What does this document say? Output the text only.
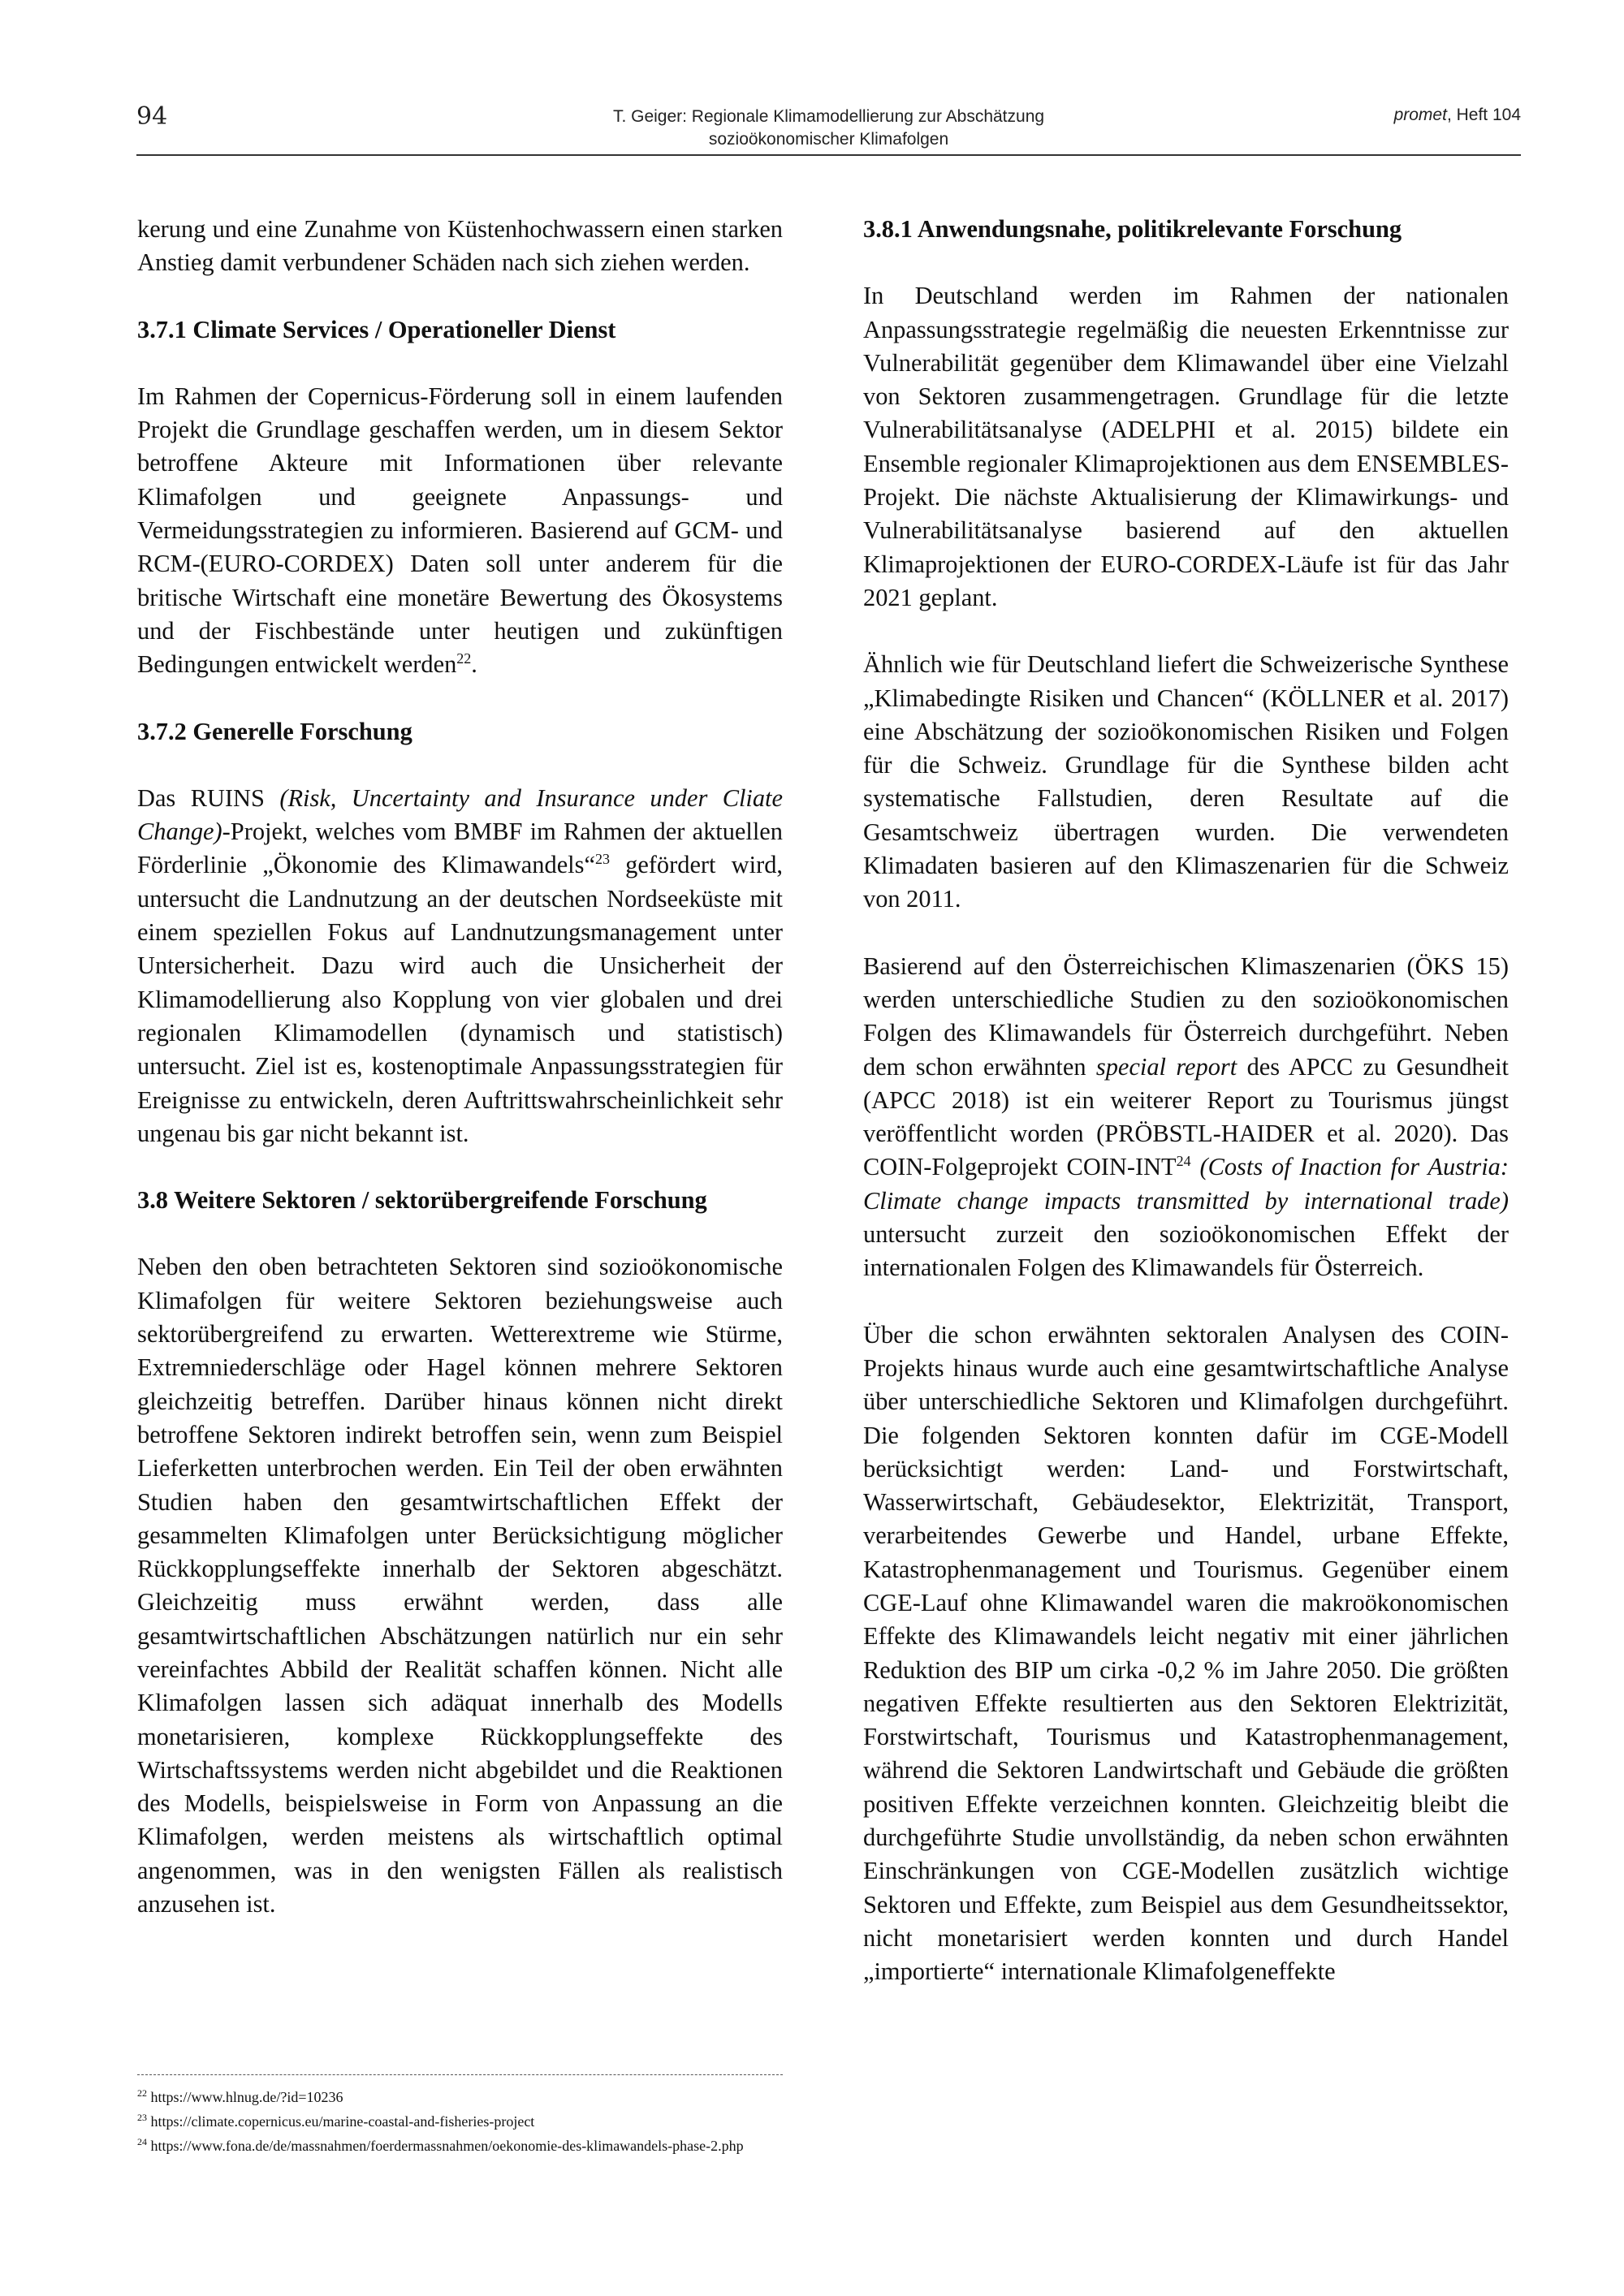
94	T. Geiger: Regionale Klimamodellierung zur Abschätzung
sozioökonomischer Klimafolgen
promet, Heft 104

kerung und eine Zunahme von Küstenhochwassern einen starken Anstieg damit verbundener Schäden nach sich ziehen werden.

3.7.1 Climate Services / Operationeller Dienst

Im Rahmen der Copernicus-Förderung soll in einem laufenden Projekt die Grundlage geschaffen werden, um in diesem Sektor betroffene Akteure mit Informationen über relevante Klimafolgen und geeignete Anpassungs- und Vermeidungsstrategien zu informieren. Basierend auf GCM- und RCM-(EURO-CORDEX) Daten soll unter anderem für die britische Wirtschaft eine monetäre Bewertung des Ökosystems und der Fischbestände unter heutigen und zukünftigen Bedingungen entwickelt werden$^{22}$.

3.7.2 Generelle Forschung

Das RUINS (Risk, Uncertainty and Insurance under Cliate Change)-Projekt, welches vom BMBF im Rahmen der aktuellen Förderlinie „Ökonomie des Klimawandels“$^{23}$ gefördert wird, untersucht die Landnutzung an der deutschen Nordseeküste mit einem speziellen Fokus auf Landnutzungsmanagement unter Untersicherheit. Dazu wird auch die Unsicherheit der Klimamodellierung also Kopplung von vier globalen und drei regionalen Klimamodellen (dynamisch und statistisch) untersucht. Ziel ist es, kostenoptimale Anpassungsstrategien für Ereignisse zu entwickeln, deren Auftrittswahrscheinlichkeit sehr ungenau bis gar nicht bekannt ist.

3.8 Weitere Sektoren / sektorübergreifende Forschung

Neben den oben betrachteten Sektoren sind sozioökonomische Klimafolgen für weitere Sektoren beziehungsweise auch sektorübergreifend zu erwarten. Wetterextreme wie Stürme, Extremniederschläge oder Hagel können mehrere Sektoren gleichzeitig betreffen. Darüber hinaus können nicht direkt betroffene Sektoren indirekt betroffen sein, wenn zum Beispiel Lieferketten unterbrochen werden. Ein Teil der oben erwähnten Studien haben den gesamtwirtschaftlichen Effekt der gesammelten Klimafolgen unter Berücksichtigung möglicher Rückkopplungseffekte innerhalb der Sektoren abgeschätzt. Gleichzeitig muss erwähnt werden, dass alle gesamtwirtschaftlichen Abschätzungen natürlich nur ein sehr vereinfachtes Abbild der Realität schaffen können. Nicht alle Klimafolgen lassen sich adäquat innerhalb des Modells monetarisieren, komplexe Rückkopplungseffekte des Wirtschaftssystems werden nicht abgebildet und die Reaktionen des Modells, beispielsweise in Form von Anpassung an die Klimafolgen, werden meistens als wirtschaftlich optimal angenommen, was in den wenigsten Fällen als realistisch anzusehen ist.

3.8.1 Anwendungsnahe, politikrelevante Forschung

In Deutschland werden im Rahmen der nationalen Anpassungsstrategie regelmäßig die neuesten Erkenntnisse zur Vulnerabilität gegenüber dem Klimawandel über eine Vielzahl von Sektoren zusammengetragen. Grundlage für die letzte Vulnerabilitätsanalyse (ADELPHI et al. 2015) bildete ein Ensemble regionaler Klimaprojektionen aus dem ENSEMBLES-Projekt. Die nächste Aktualisierung der Klimawirkungs- und Vulnerabilitätsanalyse basierend auf den aktuellen Klimaprojektionen der EURO-CORDEX-Läufe ist für das Jahr 2021 geplant.

Ähnlich wie für Deutschland liefert die Schweizerische Synthese „Klimabedingte Risiken und Chancen“ (KÖLLNER et al. 2017) eine Abschätzung der sozioökonomischen Risiken und Folgen für die Schweiz. Grundlage für die Synthese bilden acht systematische Fallstudien, deren Resultate auf die Gesamtschweiz übertragen wurden. Die verwendeten Klimadaten basieren auf den Klimaszenarien für die Schweiz von 2011.

Basierend auf den Österreichischen Klimaszenarien (ÖKS 15) werden unterschiedliche Studien zu den sozioökonomischen Folgen des Klimawandels für Österreich durchgeführt. Neben dem schon erwähnten special report des APCC zu Gesundheit (APCC 2018) ist ein weiterer Report zu Tourismus jüngst veröffentlicht worden (PRÖBSTL-HAIDER et al. 2020). Das COIN-Folgeprojekt COIN-INT$^{24}$ (Costs of Inaction for Austria: Climate change impacts transmitted by international trade) untersucht zurzeit den sozioökonomischen Effekt der internationalen Folgen des Klimawandels für Österreich.

Über die schon erwähnten sektoralen Analysen des COIN-Projekts hinaus wurde auch eine gesamtwirtschaftliche Analyse über unterschiedliche Sektoren und Klimafolgen durchgeführt. Die folgenden Sektoren konnten dafür im CGE-Modell berücksichtigt werden: Land- und Forstwirtschaft, Wasserwirtschaft, Gebäudesektor, Elektrizität, Transport, verarbeitendes Gewerbe und Handel, urbane Effekte, Katastrophenmanagement und Tourismus. Gegenüber einem CGE-Lauf ohne Klimawandel waren die makroökonomischen Effekte des Klimawandels leicht negativ mit einer jährlichen Reduktion des BIP um cirka -0,2 % im Jahre 2050. Die größten negativen Effekte resultierten aus den Sektoren Elektrizität, Forstwirtschaft, Tourismus und Katastrophenmanagement, während die Sektoren Landwirtschaft und Gebäude die größten positiven Effekte verzeichnen konnten. Gleichzeitig bleibt die durchgeführte Studie unvollständig, da neben schon erwähnten Einschränkungen von CGE-Modellen zusätzlich wichtige Sektoren und Effekte, zum Beispiel aus dem Gesundheitssektor, nicht monetarisiert werden konnten und durch Handel „importierte“ internationale Klimafolgeneffekte

$^{22}$ https://www.hlnug.de/?id=10236
$^{23}$ https://climate.copernicus.eu/marine-coastal-and-fisheries-project
$^{24}$ https://www.fona.de/de/massnahmen/foerdermassnahmen/oekonomie-des-klimawandels-phase-2.php
